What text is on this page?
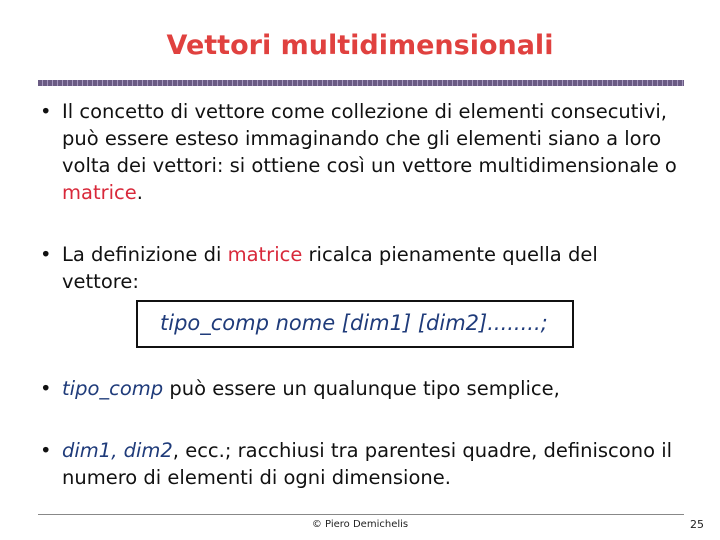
Vettori multidimensionali
• Il concetto di vettore come collezione di elementi consecutivi, può essere esteso immaginando che gli elementi siano a loro volta dei vettori: si ottiene così un vettore multidimensionale o matrice.
• La definizione di matrice ricalca pienamente quella del vettore:
tipo_comp nome [dim1] [dim2]........;
• tipo_comp può essere un qualunque tipo semplice,
• dim1, dim2, ecc.; racchiusi tra parentesi quadre, definiscono il numero di elementi di ogni dimensione.
© Piero Demichelis	25
